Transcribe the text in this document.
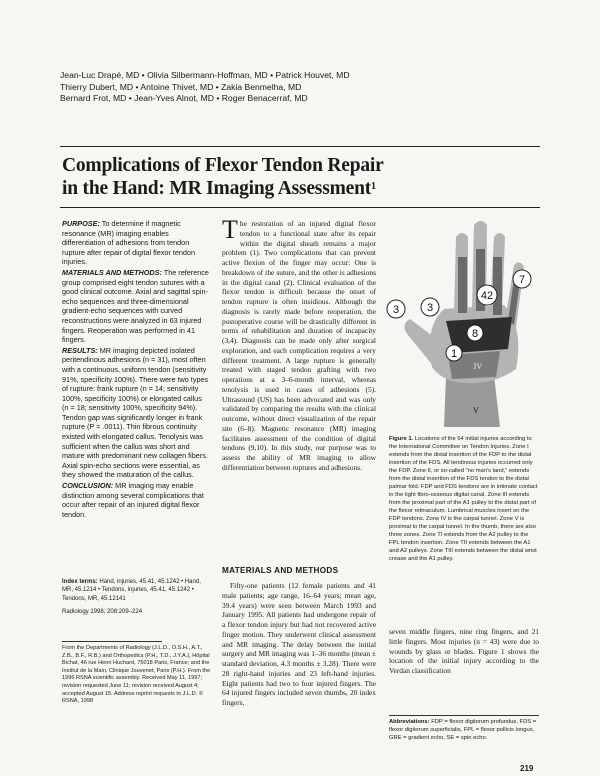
Jean-Luc Drapé, MD • Olivia Silbermann-Hoffman, MD • Patrick Houvet, MD
Thierry Dubert, MD • Antoine Thivet, MD • Zakia Benmelha, MD
Bernard Frot, MD • Jean-Yves Alnot, MD • Roger Benacerraf, MD
Complications of Flexor Tendon Repair
in the Hand: MR Imaging Assessment$^1$

PURPOSE: To determine if magnetic resonance (MR) imaging enables differentiation of adhesions from tendon rupture after repair of digital flexor tendon injuries.

MATERIALS AND METHODS: The reference group comprised eight tendon sutures with a good clinical outcome. Axial and sagittal spin-echo sequences and three-dimensional gradient-echo sequences with curved reconstructions were analyzed in 63 injured fingers. Reoperation was performed in 41 fingers.

RESULTS: MR imaging depicted isolated peritendinous adhesions (n = 31), most often with a continuous, uniform tendon (sensitivity 91%, specificity 100%). There were two types of rupture: frank rupture (n = 14; sensitivity 100%, specificity 100%) or elongated callus (n = 18; sensitivity 100%, specificity 94%). Tendon gap was significantly longer in frank rupture (P = .0011). Thin fibrous continuity existed with elongated callus. Tenolysis was sufficient when the callus was short and mature with predominant new collagen fibers. Axial spin-echo sections were essential, as they showed the maturation of the callus.

CONCLUSION: MR imaging may enable distinction among several complications that occur after repair of an injured digital flexor tendon.

Index terms: Hand, injuries, 45.41, 45.1242 • Hand, MR, 45.1214 • Tendons, injuries, 45.41, 45.1242 • Tendons, MR, 45.12141

Radiology 1998; 208:209–224

From the Departments of Radiology (J.L.D., O.S.H., A.T., Z.B., B.F., R.B.) and Orthopedics (P.H., T.D., J.Y.A.), Hôpital Bichat, 46 rue Henri Huchard, 75018 Paris, France; and the Institut de la Main, Clinique Jouvenet, Paris (P.H.). From the 1996 RSNA scientific assembly. Received May 11, 1997; revision requested June 11; revision received August 4; accepted August 15. Address reprint requests to J.L.D. © RSNA, 1998

The restoration of an injured digital flexor tendon to a functional state after its repair within the digital sheath remains a major problem (1). Two complications that can prevent active flexion of the finger may occur: One is breakdown of the suture, and the other is adhesions in the digital canal (2). Clinical evaluation of the flexor tendon is difficult because the onset of tendon rupture is often insidious. Although the diagnosis is rarely made before reoperation, the postoperative course will be drastically different in terms of rehabilitation and duration of incapacity (3,4). Diagnosis can be made only after surgical exploration, and each complication requires a very different treatment. A large rupture is generally treated with staged tendon grafting with two operations at a 3–6-month interval, whereas tenolysis is used in cases of adhesions (5). Ultrasound (US) has been advocated and was only validated by comparing the results with the clinical outcome, without direct visualization of the repair site (6–8). Magnetic resonance (MR) imaging facilitates assessment of the condition of digital tendons (9,10). In this study, our purpose was to assess the ability of MR imaging to allow differentiation between ruptures and adhesions.

MATERIALS AND METHODS

Fifty-one patients (12 female patients and 41 male patients; age range, 16–64 years; mean age, 39.4 years) were seen between March 1993 and January 1995. All patients had undergone repair of a flexor tendon injury but had not recovered active finger motion. They underwent clinical assessment and MR imaging. The delay between the initial surgery and MR imaging was 1–36 months (mean ± standard deviation, 4.3 months ± 3.28). There were 28 right-hand injuries and 23 left-hand injuries. Eight patients had two to four injured fingers. The 64 injured fingers included seven thumbs, 20 index fingers,

7
42
3
8
3
1
IV
V
Figure 1. Locations of the 64 initial injuries according to the International Committee on Tendon Injuries. Zone I extends from the distal insertion of the FDP to the distal insertion of the FDS. All tendinous injuries occurred only the FDP. Zone II, or so-called "no man's land," extends from the distal insertion of the FDS tendon to the distal palmar fold. FDP and FDS tendons are in intimate contact in the tight fibro-osseous digital canal. Zone III extends from the proximal part of the A1 pulley to the distal part of the flexor retinaculum. Lumbrical muscles insert on the FDP tendons. Zone IV is the carpal tunnel. Zone V is proximal to the carpal tunnel. In the thumb, there are also three zones. Zone TI extends from the A2 pulley to the FPL tendon insertion. Zone TII extends between the A1 and A2 pulleys. Zone TIII extends between the distal wrist crease and the A1 pulley.
seven middle fingers, nine ring fingers, and 21 little fingers. Most injuries (n = 43) were due to wounds by glass or blades. Figure 1 shows the location of the initial injury according to the Verdan classification
Abbreviations: FDP = flexor digitorum profundus, FDS = flexor digitorum superficialis, FPL = flexor pollicis longus, GRE = gradient echo, SE = spin echo.
219
